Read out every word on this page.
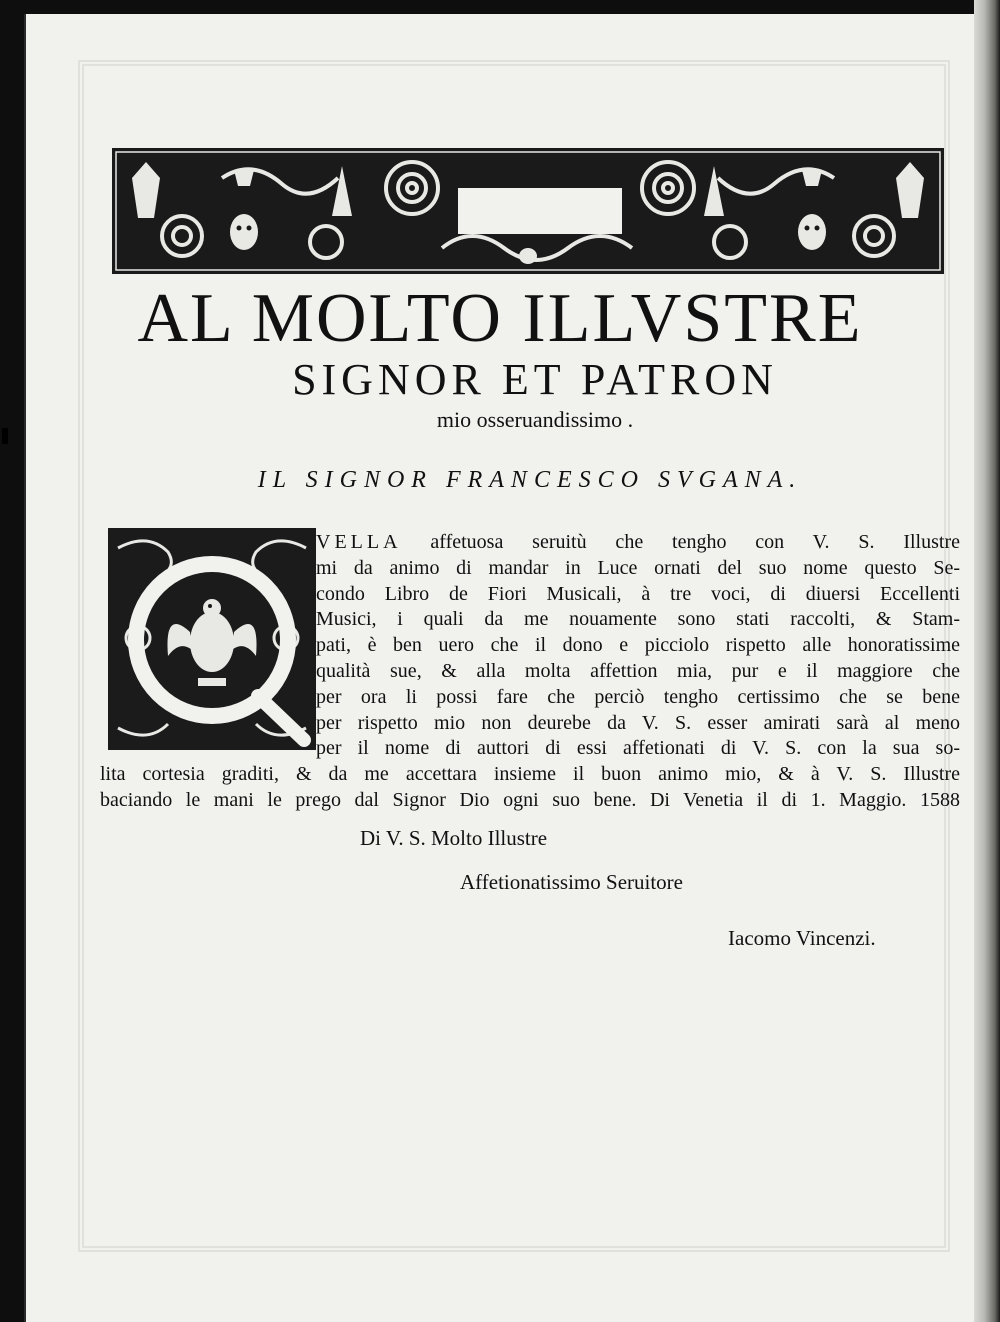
AL MOLTO ILLVSTRE
SIGNOR ET PATRON
mio osseruandissimo .
IL SIGNOR FRANCESCO SVGANA.
Q
VELLA affetuosa seruitù che tengho con V. S. Illustre
mi da animo di mandar in Luce ornati del suo nome questo Se-
condo Libro de Fiori Musicali, à tre voci, di diuersi Eccellenti
Musici, i quali da me nouamente sono stati raccolti, & Stam-
pati, è ben uero che il dono e picciolo rispetto alle honoratissime
qualità sue, & alla molta affettion mia, pur e il maggiore che
per ora li possi fare che perciò tengho certissimo che se bene
per rispetto mio non deurebe da V. S. esser amirati sarà al meno
per il nome di auttori di essi affetionati di V. S. con la sua so-
lita cortesia graditi, & da me accettara insieme il buon animo mio, & à V. S. Illustre
baciando le mani le prego dal Signor Dio ogni suo bene. Di Venetia il di 1. Maggio. 1588
Di V. S. Molto Illustre
Affetionatissimo Seruitore
Iacomo Vincenzi.
